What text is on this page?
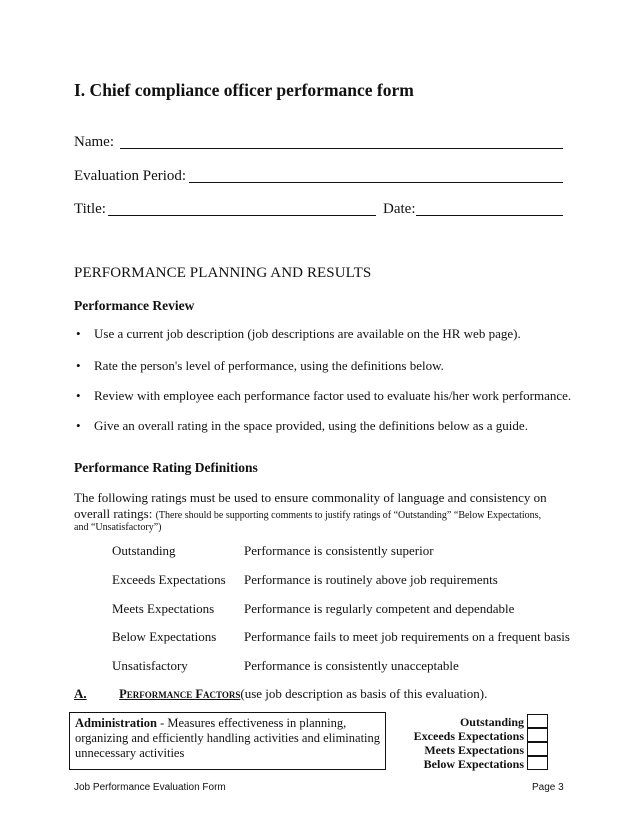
I. Chief compliance officer performance form
Name:
Evaluation Period:
Title:	Date:
PERFORMANCE PLANNING AND RESULTS
Performance Review
• Use a current job description (job descriptions are available on the HR web page).
• Rate the person's level of performance, using the definitions below.
• Review with employee each performance factor used to evaluate his/her work performance.
• Give an overall rating in the space provided, using the definitions below as a guide.
Performance Rating Definitions
The following ratings must be used to ensure commonality of language and consistency on
overall ratings: (There should be supporting comments to justify ratings of “Outstanding” “Below Expectations,
and “Unsatisfactory”)
Outstanding	Performance is consistently superior
Exceeds Expectations Performance is routinely above job requirements
Meets Expectations Performance is regularly competent and dependable
Below Expectations Performance fails to meet job requirements on a frequent basis
Unsatisfactory	Performance is consistently unacceptable
A.	Performance Factors(use job description as basis of this evaluation).
Administration - Measures effectiveness in planning,
organizing and efficiently handling activities and eliminating
unnecessary activities
Outstanding
Exceeds Expectations
Meets Expectations
Below Expectations
Job Performance Evaluation Form	Page 3
